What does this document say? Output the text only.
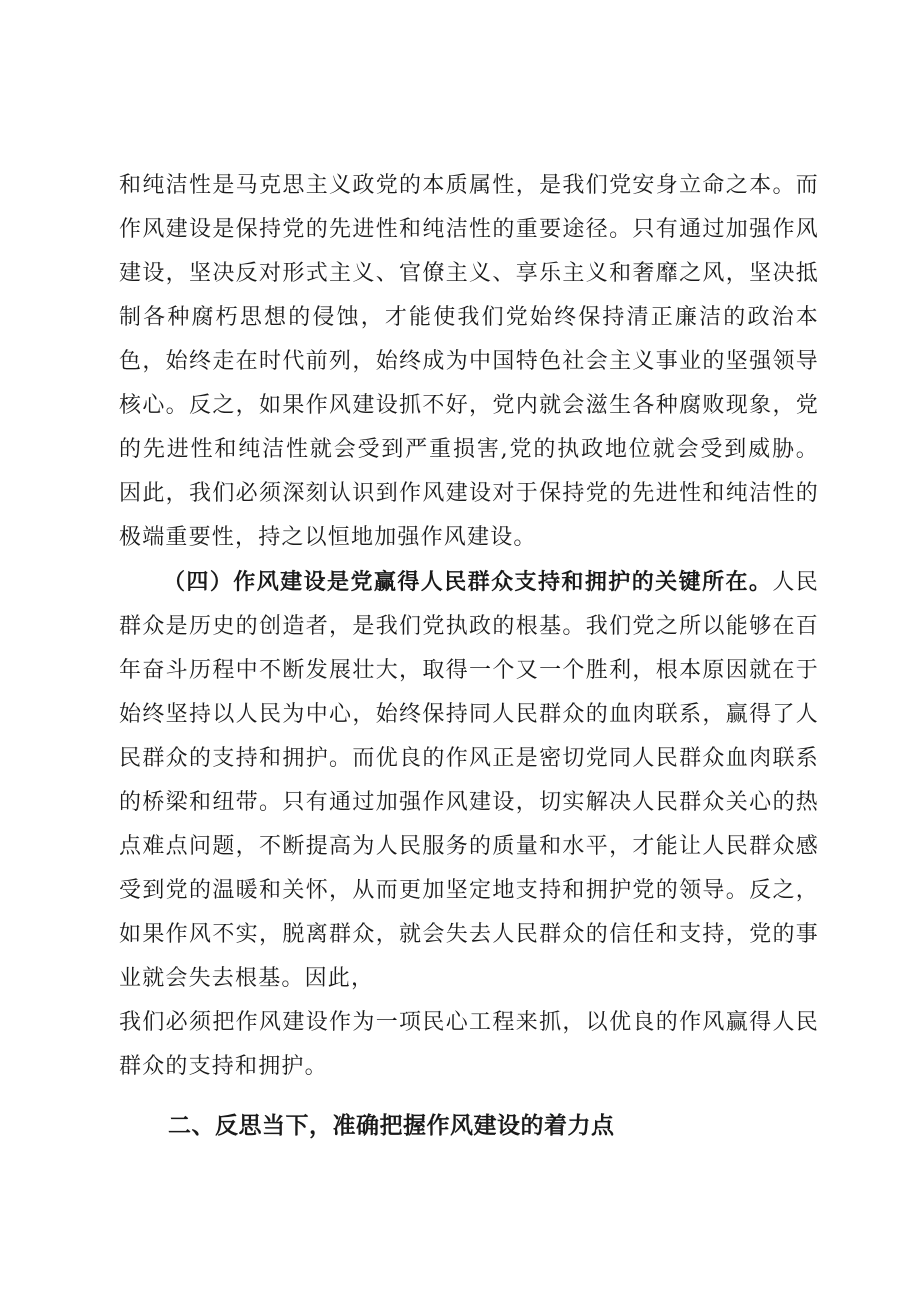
和纯洁性是马克思主义政党的本质属性，是我们党安身立命之本。而作风建设是保持党的先进性和纯洁性的重要途径。只有通过加强作风建设，坚决反对形式主义、官僚主义、享乐主义和奢靡之风，坚决抵制各种腐朽思想的侵蚀，才能使我们党始终保持清正廉洁的政治本色，始终走在时代前列，始终成为中国特色社会主义事业的坚强领导核心。反之，如果作风建设抓不好，党内就会滋生各种腐败现象，党的先进性和纯洁性就会受到严重损害,党的执政地位就会受到威胁。因此，我们必须深刻认识到作风建设对于保持党的先进性和纯洁性的极端重要性，持之以恒地加强作风建设。

（四）作风建设是党赢得人民群众支持和拥护的关键所在。人民群众是历史的创造者，是我们党执政的根基。我们党之所以能够在百年奋斗历程中不断发展壮大，取得一个又一个胜利，根本原因就在于始终坚持以人民为中心，始终保持同人民群众的血肉联系，赢得了人民群众的支持和拥护。而优良的作风正是密切党同人民群众血肉联系的桥梁和纽带。只有通过加强作风建设，切实解决人民群众关心的热点难点问题，不断提高为人民服务的质量和水平，才能让人民群众感受到党的温暖和关怀，从而更加坚定地支持和拥护党的领导。反之，如果作风不实，脱离群众，就会失去人民群众的信任和支持，党的事业就会失去根基。因此，

我们必须把作风建设作为一项民心工程来抓，以优良的作风赢得人民群众的支持和拥护。

二、反思当下，准确把握作风建设的着力点
